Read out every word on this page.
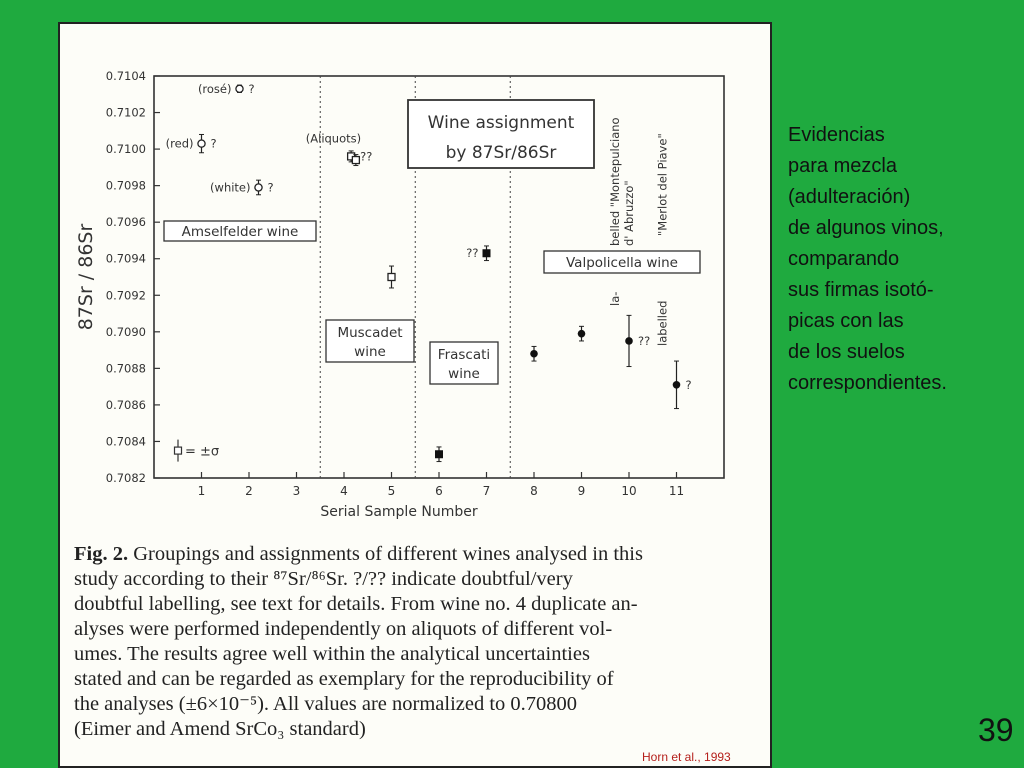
0.7082
0.7084
0.7086
0.7088
0.7090
0.7092
0.7094
0.7096
0.7098
0.7100
0.7102
0.7104
1	2	3	4	5	6	7	8	9	10	11
Serial Sample Number
87Sr / 86Sr
Wine assignment
by 87Sr/86Sr
Amselfelder wine
Muscadet
wine	Frascati
wine
Valpolicella wine
belled "Montepulciano d' Abruzzo" "Merlot del Piave"
la-
labelled
= ±σ
(red) ?
(rosé) ?
(white) ?
(Aliquots)
??
??
??
?
Fig. 2. Groupings and assignments of different wines analysed in this
study according to their ⁸⁷Sr/⁸⁶Sr. ?/?? indicate doubtful/very
doubtful labelling, see text for details. From wine no. 4 duplicate an-
alyses were performed independently on aliquots of different vol-
umes. The results agree well within the analytical uncertainties
stated and can be regarded as exemplary for the reproducibility of
the analyses (±6×10⁻⁵). All values are normalized to 0.70800
(Eimer and Amend SrCo₃ standard)
Horn et al., 1993
Evidencias
para mezcla
(adulteración)
de algunos vinos,
comparando
sus firmas isotó-
picas con las
de los suelos
correspondientes.
39
